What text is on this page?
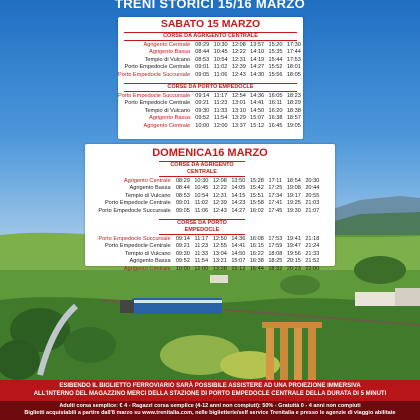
TRENI STORICI 15/16 MARZO
SABATO 15 MARZO
CORSE DA AGRIGENTO CENTRALE
Agrigento Centrale	08:29	10:30	12:08	13:57	15:20	17:30
Agrigento Bassa	08:44	10:45	12:22	14:10	15:35	17:44
Tempio di Vulcano	08:53	10:54	12:31	14:19	15:44	17:53
Porto Empedocle Centrale	09:01	11:02	12:39	14:27	15:52	18:01
Porto Empedocle Succursale	09:05	11:06	12:43	14:30	15:56	18:05
CORSE DA PORTO EMPEDOCLE
Porto Empedocle Succursale	09:14	11:17	12:54	14:36	16:05	18:23
Porto Empedocle Centrale	09:21	11:23	13:01	14:41	16:11	18:29
Tempio di Vulcano	09:30	11:33	13:10	14:50	16:20	18:38
Agrigento Bassa	09:52	11:54	13:29	15:07	16:38	18:57
Agrigento Centrale	10:00	12:00	13:37	15:12	16:45	19:05
DOMENICA16 MARZO
CORSE DA AGRIGENTO CENTRALE
Agrigento Centrale	08:29	10:30	12:08	13:50	15:28	17:11	18:54	20:30
Agrigento Bassa	08:44	10:45	12:22	14:05	15:42	17:25	19:08	20:44
Tempio di Vulcano	08:53	10:54	12:31	14:15	15:51	17:34	19:17	20:55
Porto Empedocle Centrale	09:01	11:02	12:39	14:23	15:58	17:41	19:25	21:03
Porto Empedocle Succursale	09:05	11:06	12:43	14:27	16:02	17:45	19:30	21:07
CORSE DA PORTO EMPEDOCLE
Porto Empedocle Succursale	09:14	11:17	12:50	14:36	16:08	17:53	19:41	21:18
Porto Empedocle Centrale	09:21	11:23	12:55	14:41	16:15	17:59	19:47	21:24
Tempio di Vulcano	09:30	11:33	13:04	14:50	16:22	18:08	19:56	21:33
Agrigento Bassa	09:52	11:54	13:21	15:07	16:38	18:25	20:15	21:52
Agrigento Centrale	10:00	12:00	13:28	15:12	16:44	18:32	20:23	22:00
ESIBENDO IL BIGLIETTO FERROVIARIO SARÀ POSSIBILE ASSISTERE AD UNA PROIEZIONE IMMERSIVA
ALL'INTERNO DEL MAGAZZINO MERCI DELLA STAZIONE DI PORTO EMPEDOCLE CENTRALE DELLA DURATA DI 5 MINUTI
Adulti corsa semplice: € 4 - Ragazzi corsa semplice (4-12 anni non compiuti): 50% - Gratuità 0 - 4 anni non compiuti
Biglietti acquistabili a partire dall'8 marzo su www.trenitalia.com, nelle biglietterie/self service Trenitalia e presso le agenzie di viaggio abilitate
